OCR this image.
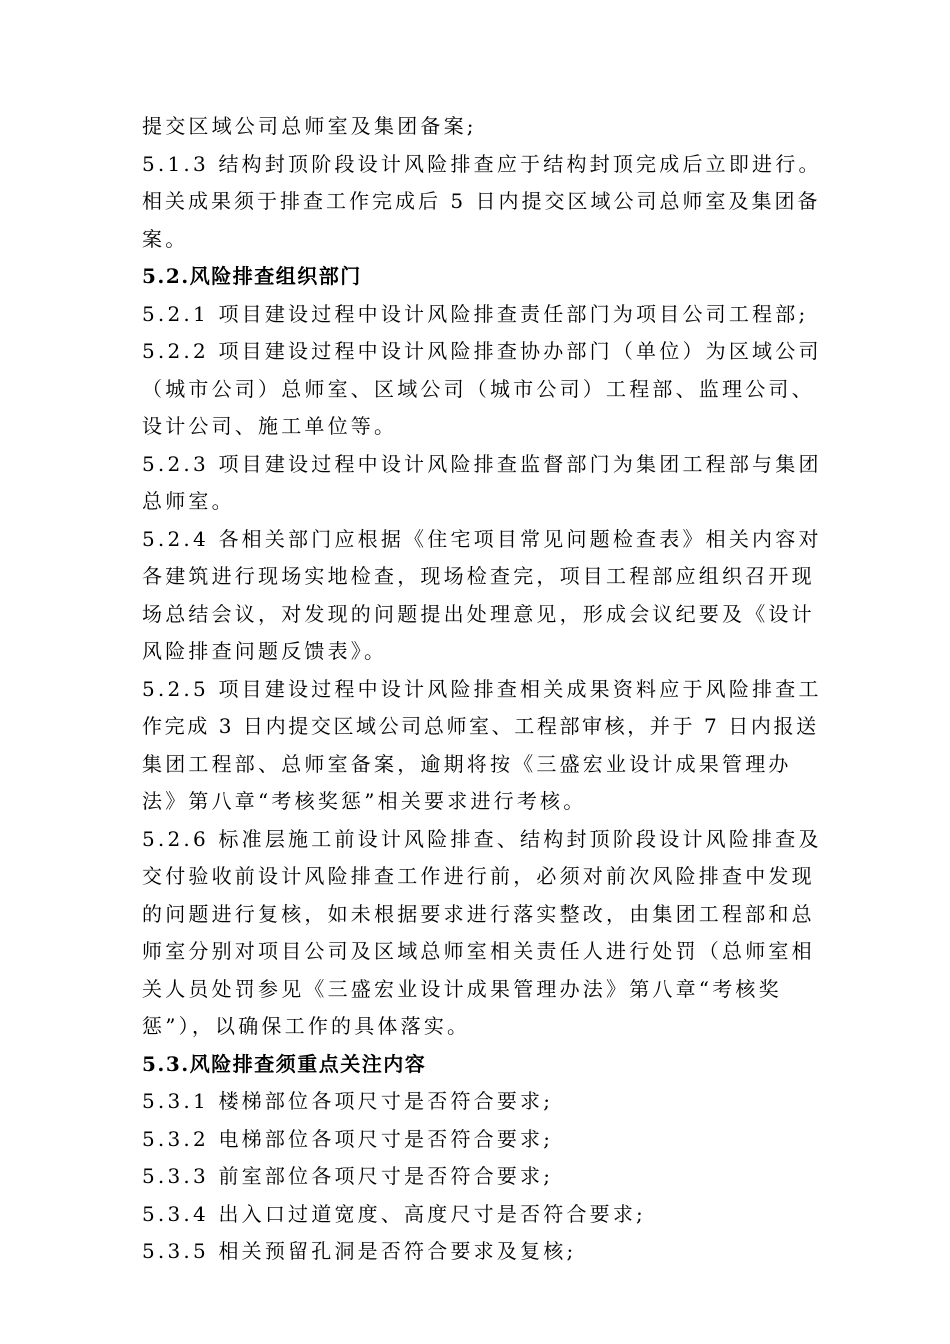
提交区域公司总师室及集团备案;
5.1.3 结构封顶阶段设计风险排查应于结构封顶完成后立即进行。
相关成果须于排查工作完成后 5 日内提交区域公司总师室及集团备
案。
5.2.风险排查组织部门
5.2.1 项目建设过程中设计风险排查责任部门为项目公司工程部;
5.2.2 项目建设过程中设计风险排查协办部门（单位）为区域公司
（城市公司）总师室、区域公司（城市公司）工程部、监理公司、
设计公司、施工单位等。
5.2.3 项目建设过程中设计风险排查监督部门为集团工程部与集团
总师室。
5.2.4 各相关部门应根据《住宅项目常见问题检查表》相关内容对
各建筑进行现场实地检查，现场检查完，项目工程部应组织召开现
场总结会议，对发现的问题提出处理意见，形成会议纪要及《设计
风险排查问题反馈表》。
5.2.5 项目建设过程中设计风险排查相关成果资料应于风险排查工
作完成 3 日内提交区域公司总师室、工程部审核，并于 7 日内报送
集团工程部、总师室备案，逾期将按《三盛宏业设计成果管理办
法》第八章“考核奖惩”相关要求进行考核。
5.2.6 标准层施工前设计风险排查、结构封顶阶段设计风险排查及
交付验收前设计风险排查工作进行前，必须对前次风险排查中发现
的问题进行复核，如未根据要求进行落实整改，由集团工程部和总
师室分别对项目公司及区域总师室相关责任人进行处罚（总师室相
关人员处罚参见《三盛宏业设计成果管理办法》第八章“考核奖
惩”），以确保工作的具体落实。
5.3.风险排查须重点关注内容
5.3.1 楼梯部位各项尺寸是否符合要求;
5.3.2 电梯部位各项尺寸是否符合要求;
5.3.3 前室部位各项尺寸是否符合要求;
5.3.4 出入口过道宽度、高度尺寸是否符合要求;
5.3.5 相关预留孔洞是否符合要求及复核;
